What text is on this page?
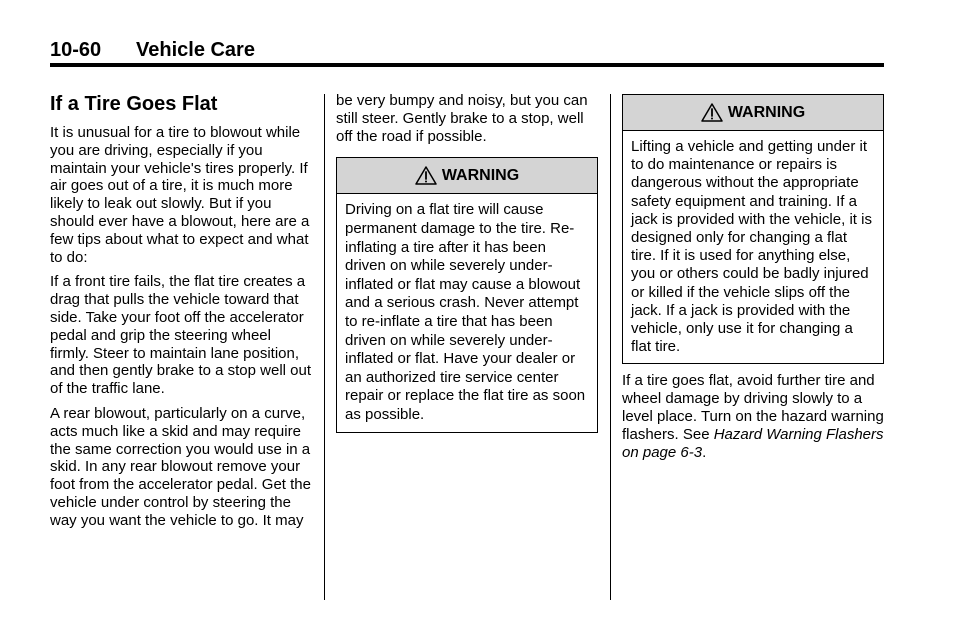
10-60 Vehicle Care
If a Tire Goes Flat

It is unusual for a tire to blowout while you are driving, especially if you maintain your vehicle's tires properly. If air goes out of a tire, it is much more likely to leak out slowly. But if you should ever have a blowout, here are a few tips about what to expect and what to do:

If a front tire fails, the flat tire creates a drag that pulls the vehicle toward that side. Take your foot off the accelerator pedal and grip the steering wheel firmly. Steer to maintain lane position, and then gently brake to a stop well out of the traffic lane.

A rear blowout, particularly on a curve, acts much like a skid and may require the same correction you would use in a skid. In any rear blowout remove your foot from the accelerator pedal. Get the vehicle under control by steering the way you want the vehicle to go. It may

be very bumpy and noisy, but you can still steer. Gently brake to a stop, well off the road if possible.

WARNING
Driving on a flat tire will cause permanent damage to the tire. Re-inflating a tire after it has been driven on while severely under-inflated or flat may cause a blowout and a serious crash. Never attempt to re-inflate a tire that has been driven on while severely under-inflated or flat. Have your dealer or an authorized tire service center repair or replace the flat tire as soon as possible.
WARNING
Lifting a vehicle and getting under it to do maintenance or repairs is dangerous without the appropriate safety equipment and training. If a jack is provided with the vehicle, it is designed only for changing a flat tire. If it is used for anything else, you or others could be badly injured or killed if the vehicle slips off the jack. If a jack is provided with the vehicle, only use it for changing a flat tire.

If a tire goes flat, avoid further tire and wheel damage by driving slowly to a level place. Turn on the hazard warning flashers. See Hazard Warning Flashers on page 6-3.
